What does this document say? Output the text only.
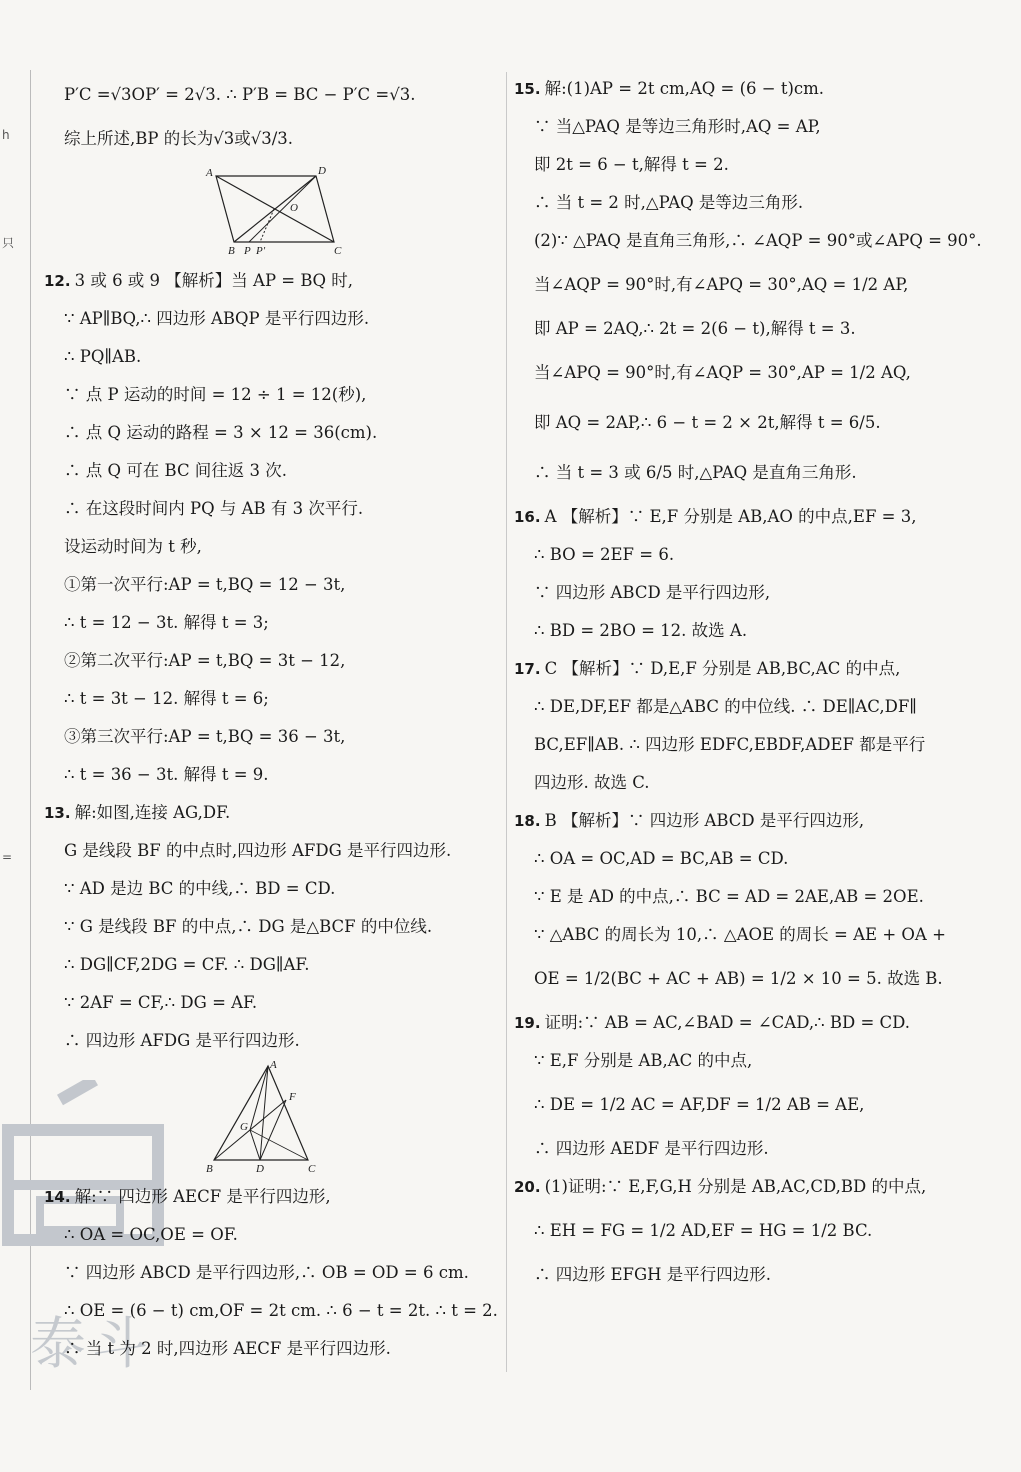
h
只
=
泰斗
P′C =√3OP′ = 2√3. ∴ P′B = BC − P′C =√3.
综上所述,BP 的长为√3或√3/3.
A	D
O
B P P′	C
12. 3 或 6 或 9 【解析】当 AP = BQ 时,
∵ AP∥BQ,∴ 四边形 ABQP 是平行四边形.
∴ PQ∥AB.
∵ 点 P 运动的时间 = 12 ÷ 1 = 12(秒),
∴ 点 Q 运动的路程 = 3 × 12 = 36(cm).
∴ 点 Q 可在 BC 间往返 3 次.
∴ 在这段时间内 PQ 与 AB 有 3 次平行.
设运动时间为 t 秒,
①第一次平行:AP = t,BQ = 12 − 3t,
∴ t = 12 − 3t. 解得 t = 3;
②第二次平行:AP = t,BQ = 3t − 12,
∴ t = 3t − 12. 解得 t = 6;
③第三次平行:AP = t,BQ = 36 − 3t,
∴ t = 36 − 3t. 解得 t = 9.
13. 解:如图,连接 AG,DF.
G 是线段 BF 的中点时,四边形 AFDG 是平行四边形.
∵ AD 是边 BC 的中线,∴ BD = CD.
∵ G 是线段 BF 的中点,∴ DG 是△BCF 的中位线.
∴ DG∥CF,2DG = CF. ∴ DG∥AF.
∵ 2AF = CF,∴ DG = AF.
∴ 四边形 AFDG 是平行四边形.
A
F
G
B	D	C
14. 解:∵ 四边形 AECF 是平行四边形,
∴ OA = OC,OE = OF.
∵ 四边形 ABCD 是平行四边形,∴ OB = OD = 6 cm.
∴ OE = (6 − t) cm,OF = 2t cm. ∴ 6 − t = 2t. ∴ t = 2.
∴ 当 t 为 2 时,四边形 AECF 是平行四边形.
15. 解:(1)AP = 2t cm,AQ = (6 − t)cm.
∵ 当△PAQ 是等边三角形时,AQ = AP,
即 2t = 6 − t,解得 t = 2.
∴ 当 t = 2 时,△PAQ 是等边三角形.
(2)∵ △PAQ 是直角三角形,∴ ∠AQP = 90°或∠APQ = 90°.
当∠AQP = 90°时,有∠APQ = 30°,AQ = 1/2 AP,
即 AP = 2AQ,∴ 2t = 2(6 − t),解得 t = 3.
当∠APQ = 90°时,有∠AQP = 30°,AP = 1/2 AQ,
即 AQ = 2AP,∴ 6 − t = 2 × 2t,解得 t = 6/5.
∴ 当 t = 3 或 6/5 时,△PAQ 是直角三角形.
16. A 【解析】∵ E,F 分别是 AB,AO 的中点,EF = 3,
∴ BO = 2EF = 6.
∵ 四边形 ABCD 是平行四边形,
∴ BD = 2BO = 12. 故选 A.
17. C 【解析】∵ D,E,F 分别是 AB,BC,AC 的中点,
∴ DE,DF,EF 都是△ABC 的中位线. ∴ DE∥AC,DF∥
BC,EF∥AB. ∴ 四边形 EDFC,EBDF,ADEF 都是平行
四边形. 故选 C.
18. B 【解析】∵ 四边形 ABCD 是平行四边形,
∴ OA = OC,AD = BC,AB = CD.
∵ E 是 AD 的中点,∴ BC = AD = 2AE,AB = 2OE.
∵ △ABC 的周长为 10,∴ △AOE 的周长 = AE + OA +
OE = 1/2(BC + AC + AB) = 1/2 × 10 = 5. 故选 B.
19. 证明:∵ AB = AC,∠BAD = ∠CAD,∴ BD = CD.
∵ E,F 分别是 AB,AC 的中点,
∴ DE = 1/2 AC = AF,DF = 1/2 AB = AE,
∴ 四边形 AEDF 是平行四边形.
20. (1)证明:∵ E,F,G,H 分别是 AB,AC,CD,BD 的中点,
∴ EH = FG = 1/2 AD,EF = HG = 1/2 BC.
∴ 四边形 EFGH 是平行四边形.
